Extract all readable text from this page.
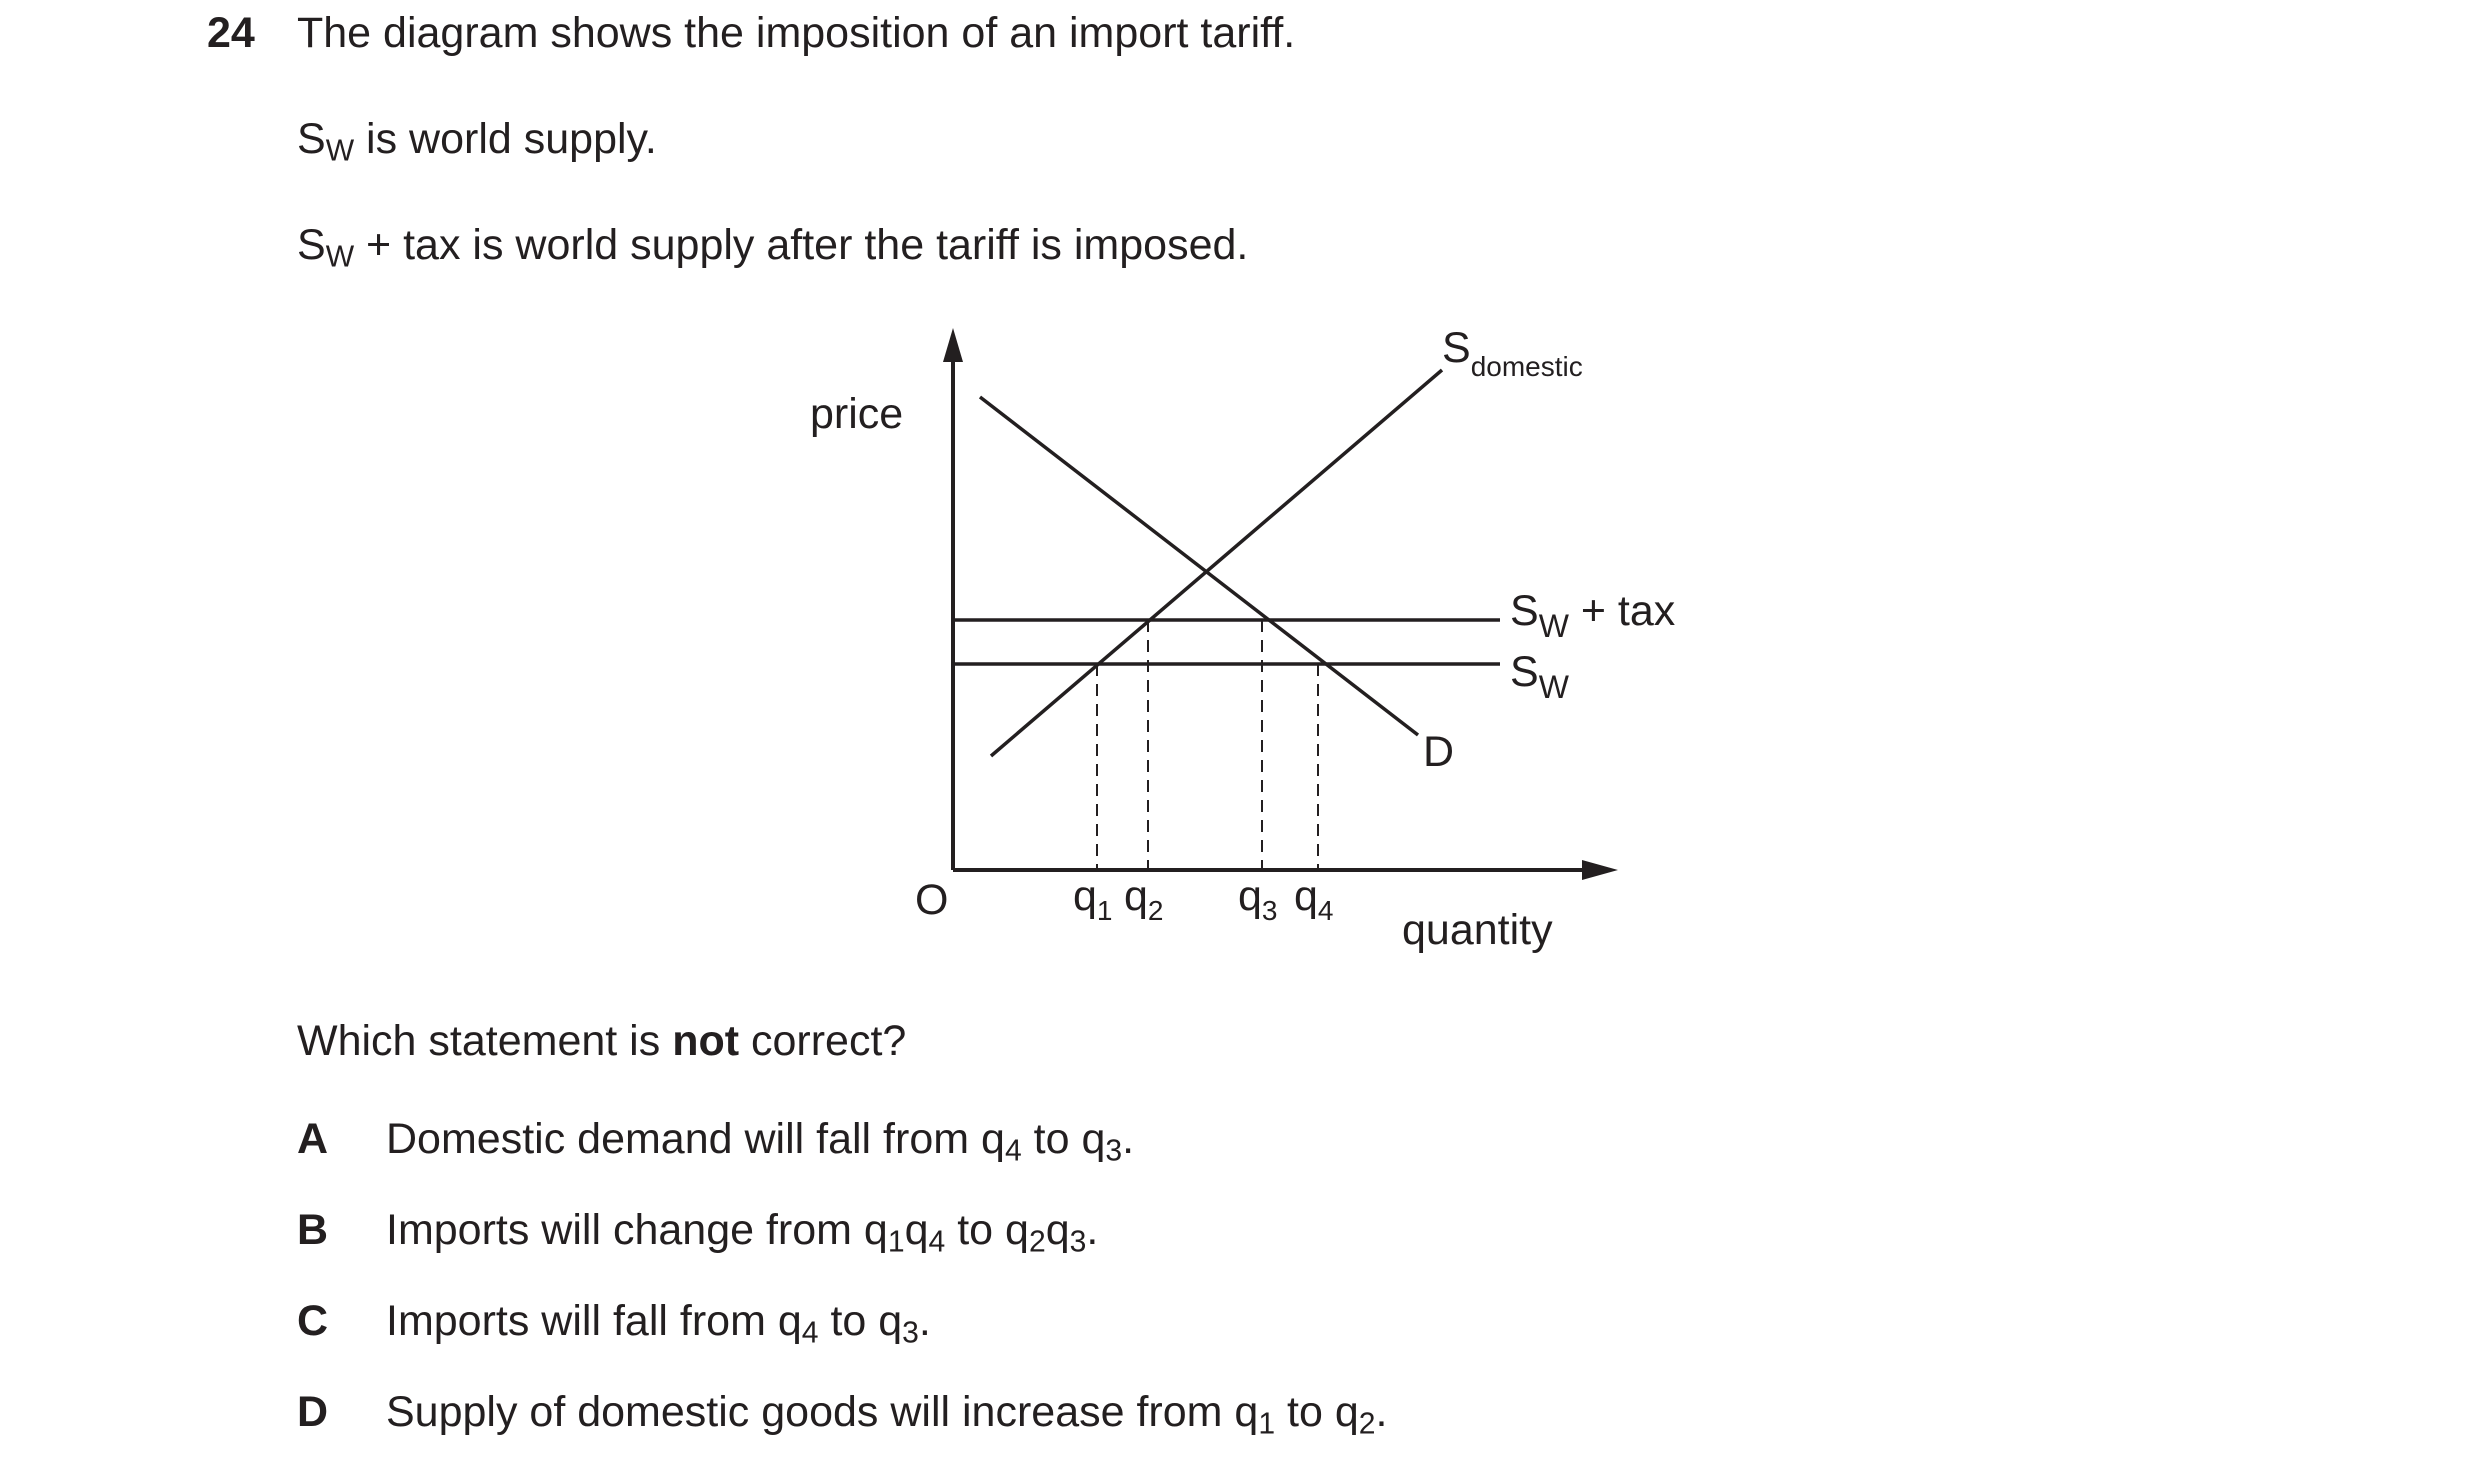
24 The diagram shows the imposition of an import tariff.
$S_W$ is world supply.
$S_W$ + tax is world supply after the tariff is imposed.
price
quantity
O
$S_{domestic}$
D
$S_W$ + tax
$S_W$
$q_1$ $q_2$ $q_3$ $q_4$
Which statement is not correct?
A Domestic demand will fall from $q_4$ to $q_3$.
B Imports will change from $q_1q_4$ to $q_2q_3$.
C Imports will fall from $q_4$ to $q_3$.
D Supply of domestic goods will increase from $q_1$ to $q_2$.
